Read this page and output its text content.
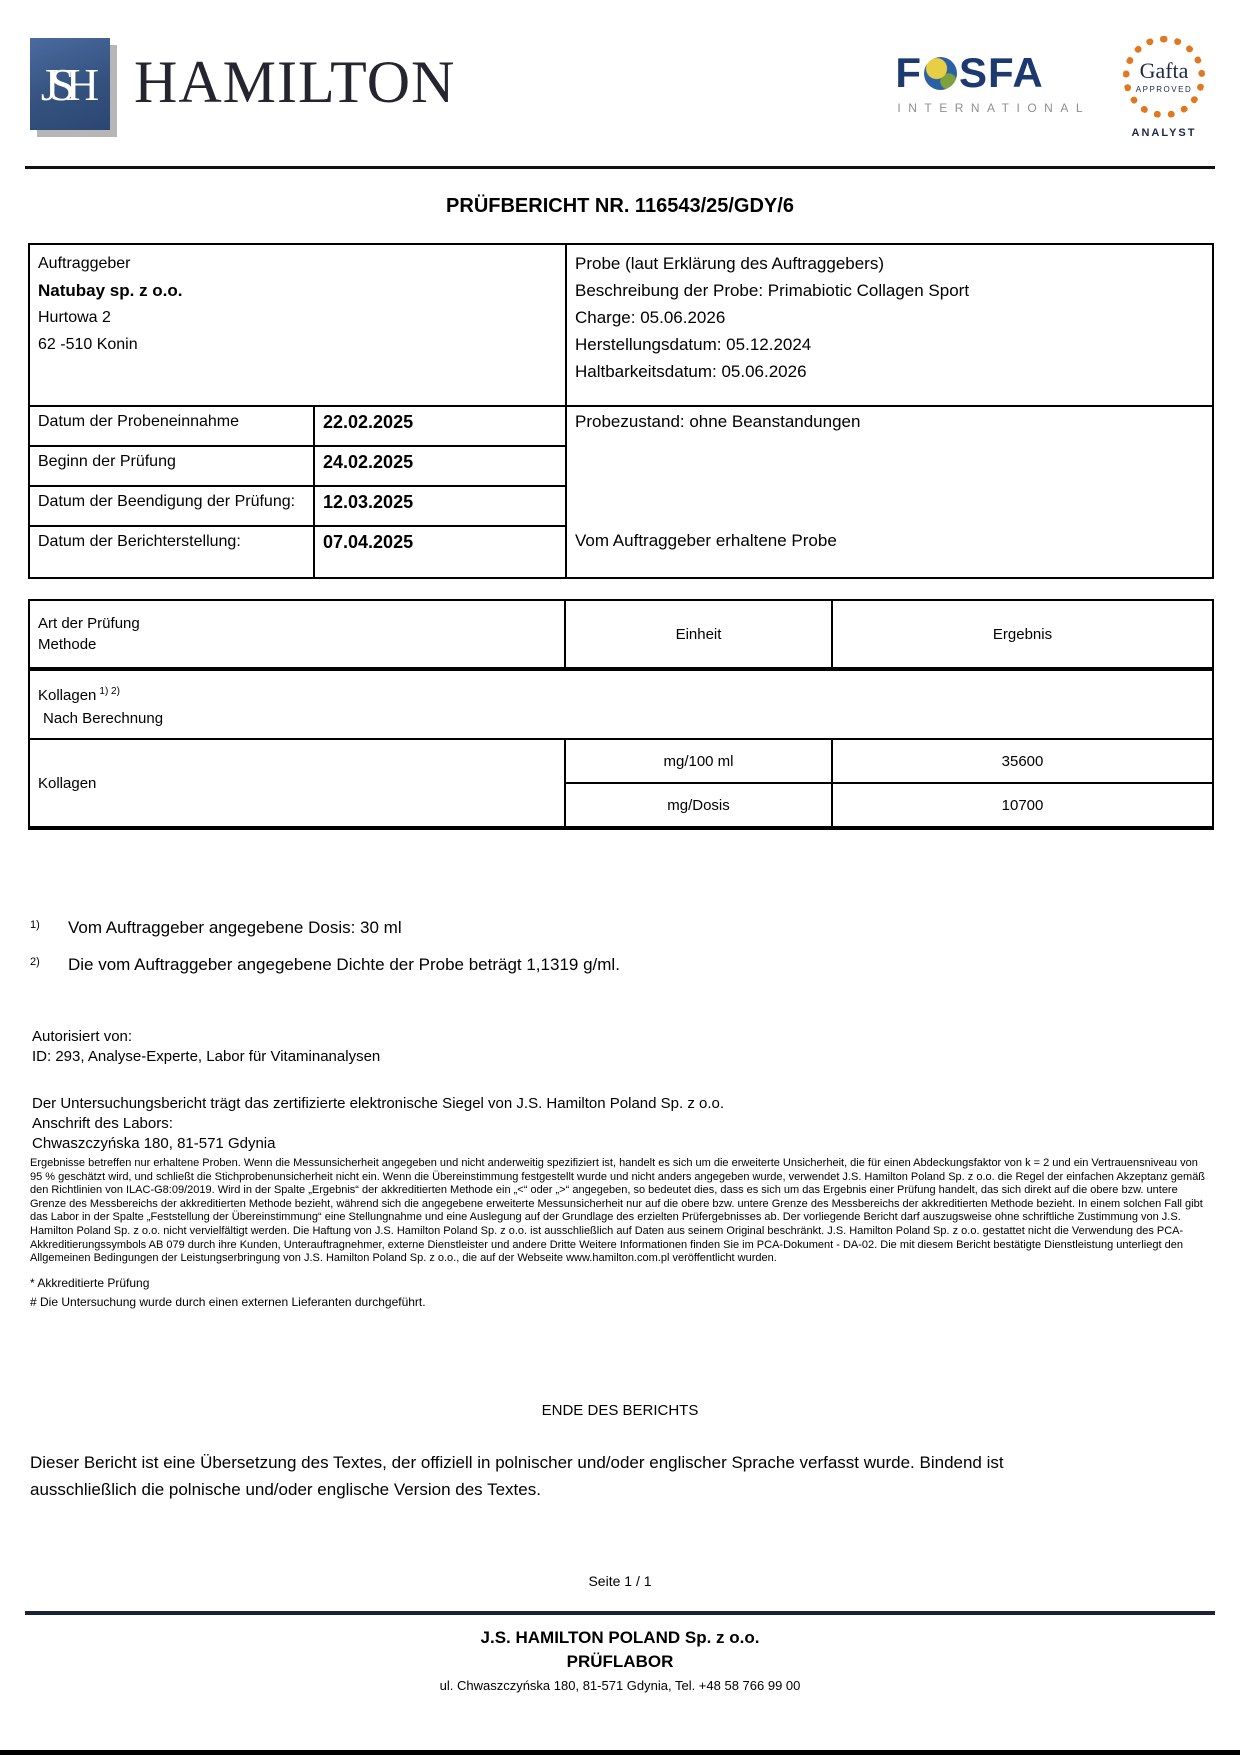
JSH HAMILTON	F SFA
INTERNATIONAL
Gafta
APPROVED
ANALYST
PRÜFBERICHT NR. 116543/25/GDY/6
Auftraggeber
Natubay sp. z o.o.
Hurtowa 2
62 -510 Konin

Probe (laut Erklärung des Auftraggebers)
Beschreibung der Probe: Primabiotic Collagen Sport
Charge: 05.06.2026
Herstellungsdatum: 05.12.2024
Haltbarkeitsdatum: 05.06.2026

Datum der Probeneinnahme	22.02.2025	Probezustand: ohne Beanstandungen
Vom Auftraggeber erhaltene Probe

Beginn der Prüfung	24.02.2025	
Datum der Beendigung der Prüfung:	12.03.2025	
Datum der Berichterstellung:	07.04.2025	
Art der Prüfung
Methode	Einheit	Ergebnis

Kollagen $^{1) 2)}$
Nach Berechnung		

Kollagen	mg/100 ml	35600
	mg/Dosis	10700
1)	Vom Auftraggeber angegebene Dosis: 30 ml
2)	Die vom Auftraggeber angegebene Dichte der Probe beträgt 1,1319 g/ml.
Autorisiert von:
ID: 293, Analyse-Experte, Labor für Vitaminanalysen
Der Untersuchungsbericht trägt das zertifizierte elektronische Siegel von J.S. Hamilton Poland Sp. z o.o.
Anschrift des Labors:
Chwaszczyńska 180, 81-571 Gdynia
Ergebnisse betreffen nur erhaltene Proben. Wenn die Messunsicherheit angegeben und nicht anderweitig spezifiziert ist, handelt es sich um die erweiterte Unsicherheit, die für einen Abdeckungsfaktor von k = 2 und ein Vertrauensniveau von 95 % geschätzt wird, und schließt die Stichprobenunsicherheit nicht ein. Wenn die Übereinstimmung festgestellt wurde und nicht anders angegeben wurde, verwendet J.S. Hamilton Poland Sp. z o.o. die Regel der einfachen Akzeptanz gemäß den Richtlinien von ILAC-G8:09/2019. Wird in der Spalte „Ergebnis“ der akkreditierten Methode ein „<“ oder „>“ angegeben, so bedeutet dies, dass es sich um das Ergebnis einer Prüfung handelt, das sich direkt auf die obere bzw. untere Grenze des Messbereichs der akkreditierten Methode bezieht, während sich die angegebene erweiterte Messunsicherheit nur auf die obere bzw. untere Grenze des Messbereichs der akkreditierten Methode bezieht. In einem solchen Fall gibt das Labor in der Spalte „Feststellung der Übereinstimmung“ eine Stellungnahme und eine Auslegung auf der Grundlage des erzielten Prüfergebnisses ab. Der vorliegende Bericht darf auszugsweise ohne schriftliche Zustimmung von J.S. Hamilton Poland Sp. z o.o. nicht vervielfältigt werden. Die Haftung von J.S. Hamilton Poland Sp. z o.o. ist ausschließlich auf Daten aus seinem Original beschränkt. J.S. Hamilton Poland Sp. z o.o. gestattet nicht die Verwendung des PCA-Akkreditierungssymbols AB 079 durch ihre Kunden, Unterauftragnehmer, externe Dienstleister und andere Dritte Weitere Informationen finden Sie im PCA-Dokument - DA-02. Die mit diesem Bericht bestätigte Dienstleistung unterliegt den Allgemeinen Bedingungen der Leistungserbringung von J.S. Hamilton Poland Sp. z o.o., die auf der Webseite www.hamilton.com.pl veröffentlicht wurden.
* Akkreditierte Prüfung
# Die Untersuchung wurde durch einen externen Lieferanten durchgeführt.
ENDE DES BERICHTS
Dieser Bericht ist eine Übersetzung des Textes, der offiziell in polnischer und/oder englischer Sprache verfasst wurde. Bindend ist ausschließlich die polnische und/oder englische Version des Textes.
Seite 1 / 1
J.S. HAMILTON POLAND Sp. z o.o.
PRÜFLABOR
ul. Chwaszczyńska 180, 81-571 Gdynia, Tel. +48 58 766 99 00
